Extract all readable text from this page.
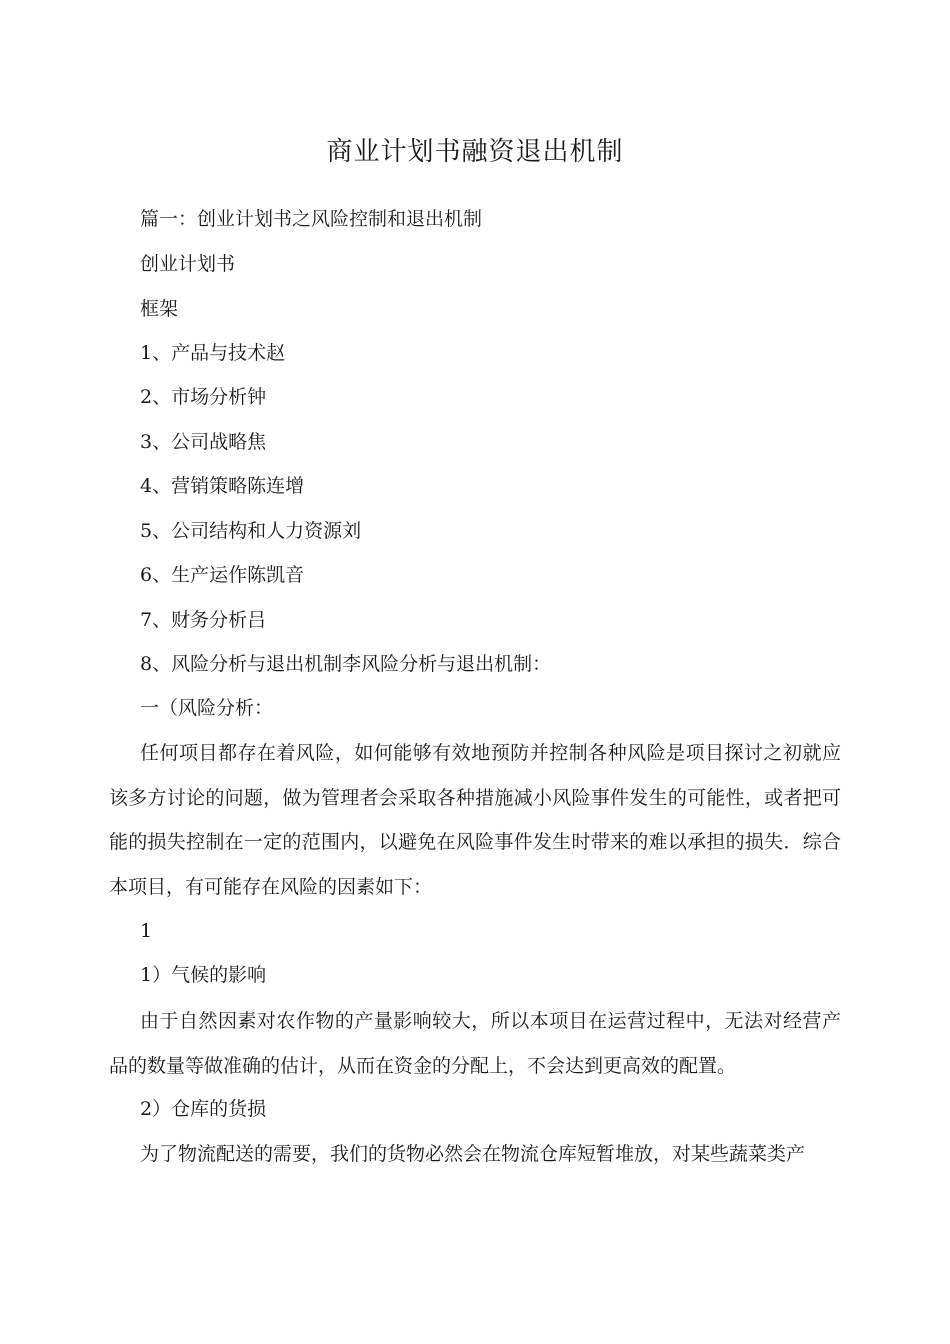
商业计划书融资退出机制
篇一：创业计划书之风险控制和退出机制
创业计划书
框架
1、产品与技术赵
2、市场分析钟
3、公司战略焦
4、营销策略陈连增
5、公司结构和人力资源刘
6、生产运作陈凯音
7、财务分析吕
8、风险分析与退出机制李风险分析与退出机制：
一（风险分析：
任何项目都存在着风险，如何能够有效地预防并控制各种风险是项目探讨之初就应该多方讨论的问题，做为管理者会采取各种措施减小风险事件发生的可能性，或者把可能的损失控制在一定的范围内，以避免在风险事件发生时带来的难以承担的损失．综合本项目，有可能存在风险的因素如下：
1
1）气候的影响
由于自然因素对农作物的产量影响较大，所以本项目在运营过程中，无法对经营产品的数量等做准确的估计，从而在资金的分配上，不会达到更高效的配置。
2）仓库的货损
为了物流配送的需要，我们的货物必然会在物流仓库短暂堆放，对某些蔬菜类产
